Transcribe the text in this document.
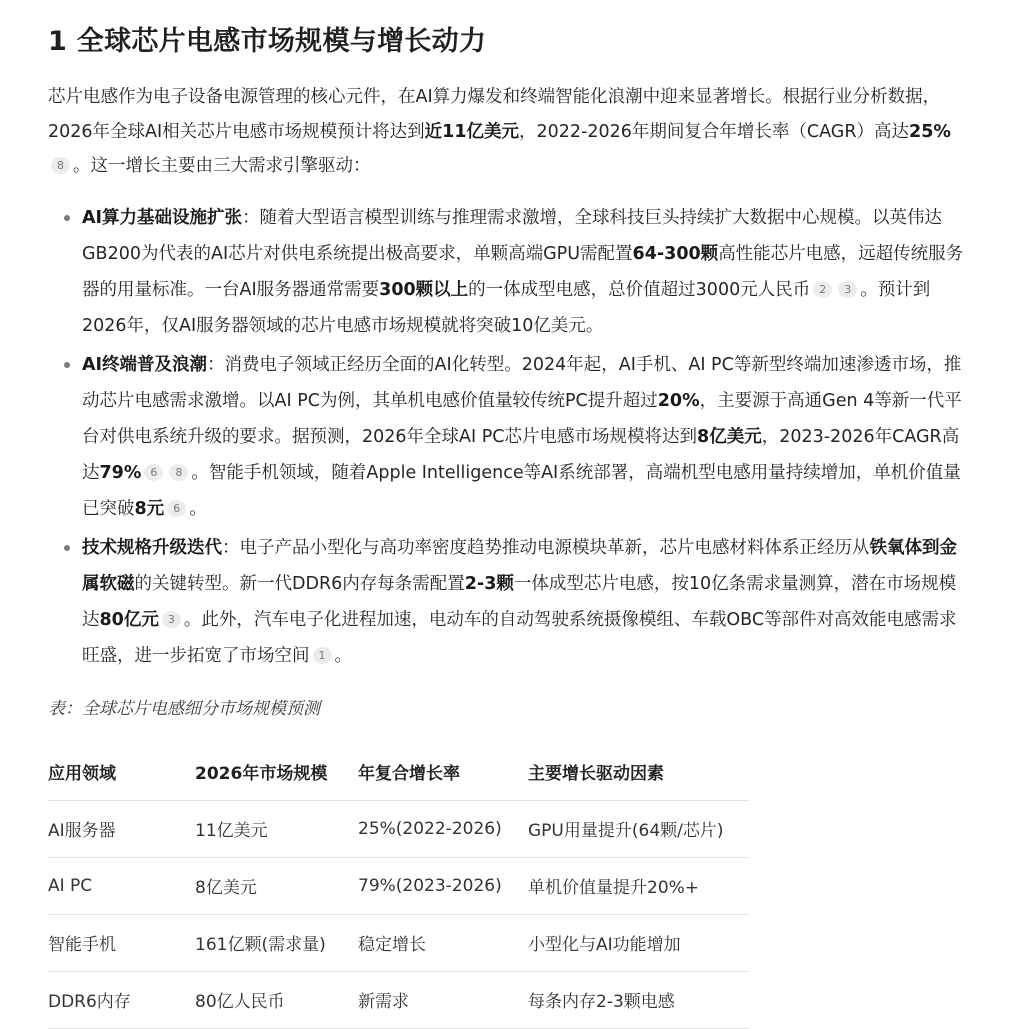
1 全球芯片电感市场规模与增长动力

芯片电感作为电子设备电源管理的核心元件，在AI算力爆发和终端智能化浪潮中迎来显著增长。根据行业分析数据，2026年全球AI相关芯片电感市场规模预计将达到近11亿美元，2022-2026年期间复合年增长率（CAGR）高达25%8 。这一增长主要由三大需求引擎驱动：

AI算力基础设施扩张：随着大型语言模型训练与推理需求激增，全球科技巨头持续扩大数据中心规模。以英伟达GB200为代表的AI芯片对供电系统提出极高要求，单颗高端GPU需配置64-300颗高性能芯片电感，远超传统服务器的用量标准。一台AI服务器通常需要300颗以上的一体成型电感，总价值超过3000元人民币 2 3 。预计到2026年，仅AI服务器领域的芯片电感市场规模就将突破10亿美元。
AI终端普及浪潮：消费电子领域正经历全面的AI化转型。2024年起，AI手机、AI PC等新型终端加速渗透市场，推动芯片电感需求激增。以AI PC为例，其单机电感价值量较传统PC提升超过20%，主要源于高通Gen 4等新一代平台对供电系统升级的要求。据预测，2026年全球AI PC芯片电感市场规模将达到8亿美元，2023-2026年CAGR高达79% 6 8 。智能手机领域，随着Apple Intelligence等AI系统部署，高端机型电感用量持续增加，单机价值量已突破8元 6 。
技术规格升级迭代：电子产品小型化与高功率密度趋势推动电源模块革新，芯片电感材料体系正经历从铁氧体到金属软磁的关键转型。新一代DDR6内存每条需配置2-3颗一体成型芯片电感，按10亿条需求量测算，潜在市场规模达80亿元 3 。此外，汽车电子化进程加速，电动车的自动驾驶系统摄像模组、车载OBC等部件对高效能电感需求旺盛，进一步拓宽了市场空间 1 。
表：全球芯片电感细分市场规模预测
应用领域	2026年市场规模	年复合增长率	主要增长驱动因素
AI服务器	11亿美元	25%(2022-2026)	GPU用量提升(64颗/芯片)
AI PC	8亿美元	79%(2023-2026)	单机价值量提升20%+
智能手机	161亿颗(需求量)	稳定增长	小型化与AI功能增加
DDR6内存	80亿人民币	新需求	每条内存2-3颗电感
